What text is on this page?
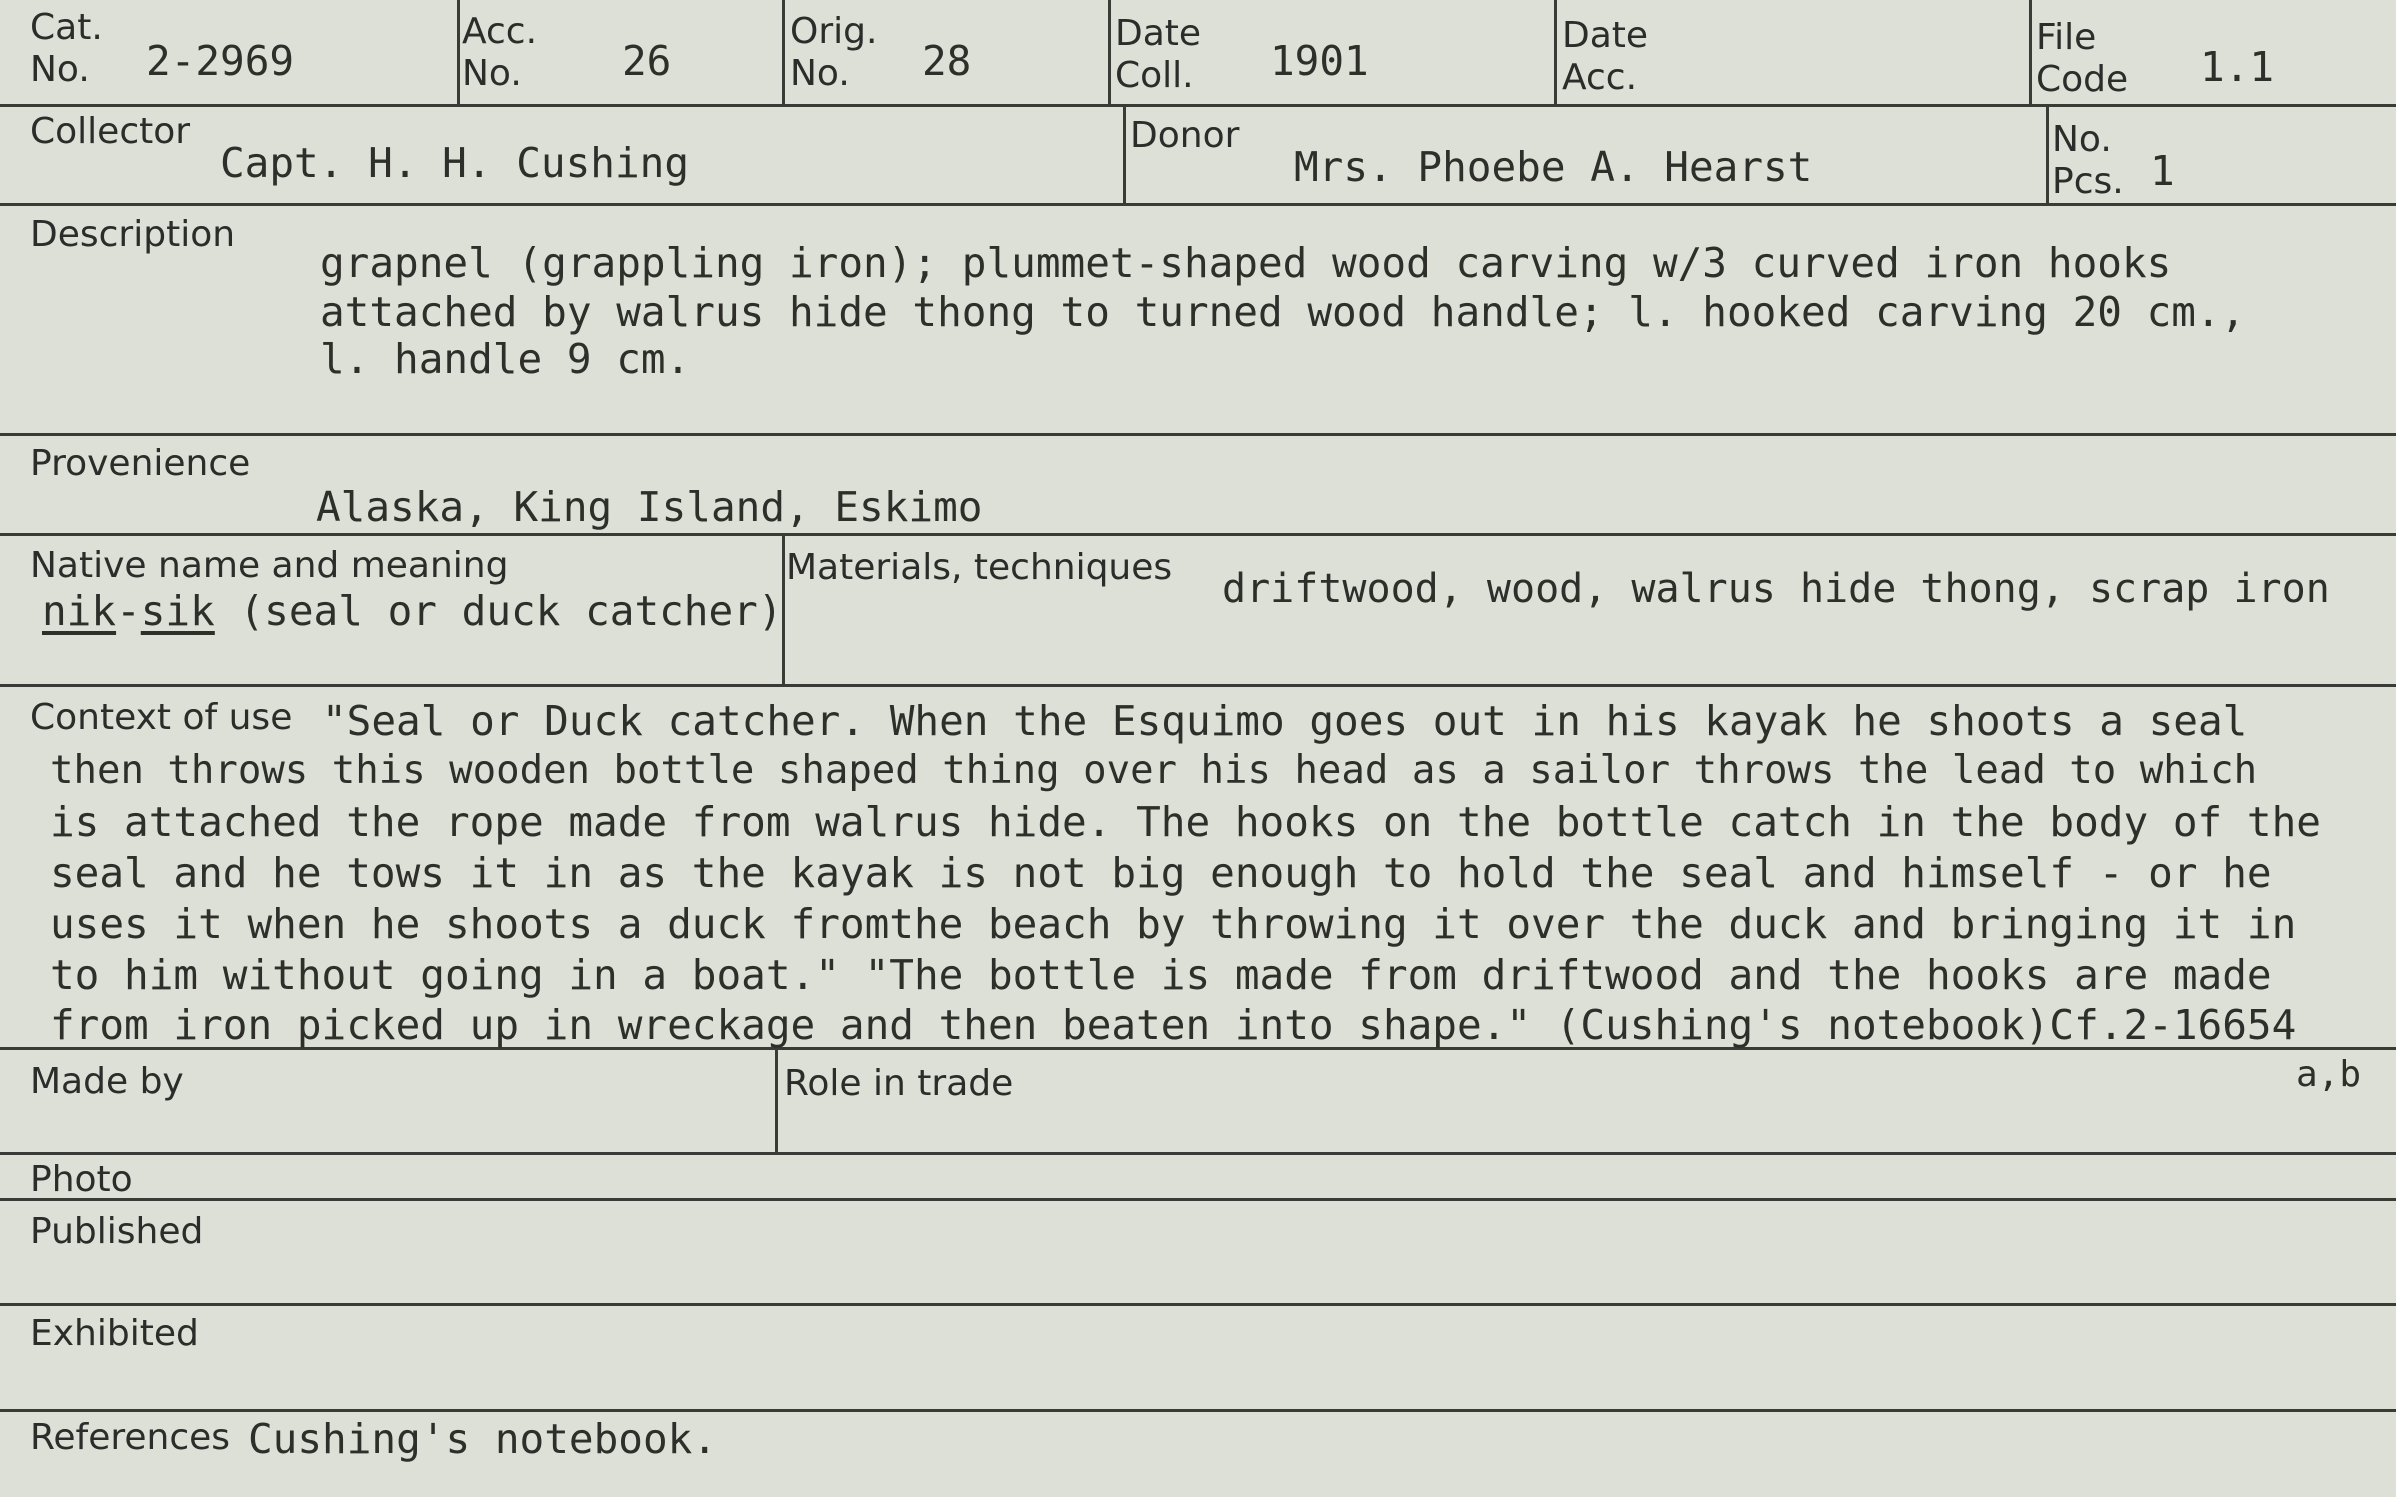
Cat.
No. 2-2969
Acc.
No. 26
Orig.
No. 28
Date
Coll. 1901
Date
Acc.
File
Code 1.1
Collector
Capt. H. H. Cushing
Donor
Mrs. Phoebe A. Hearst
No.
Pcs. 1
Description
grapnel (grappling iron); plummet-shaped wood carving w/3 curved iron hooks
attached by walrus hide thong to turned wood handle; l. hooked carving 20 cm.,
l. handle 9 cm.
Provenience
Alaska, King Island, Eskimo
Native name and meaning
nik-sik (seal or duck catcher)
Materials, techniques driftwood, wood, walrus hide thong, scrap iron
Context of use "Seal or Duck catcher. When the Esquimo goes out in his kayak he shoots a seal
then throws this wooden bottle shaped thing over his head as a sailor throws the lead to which
is attached the rope made from walrus hide. The hooks on the bottle catch in the body of the
seal and he tows it in as the kayak is not big enough to hold the seal and himself - or he
uses it when he shoots a duck fromthe beach by throwing it over the duck and bringing it in
to him without going in a boat." "The bottle is made from driftwood and the hooks are made
from iron picked up in wreckage and then beaten into shape." (Cushing's notebook)Cf.2-16654
a,b
Made by	Role in trade
Photo
Published
Exhibited
References Cushing's notebook.
